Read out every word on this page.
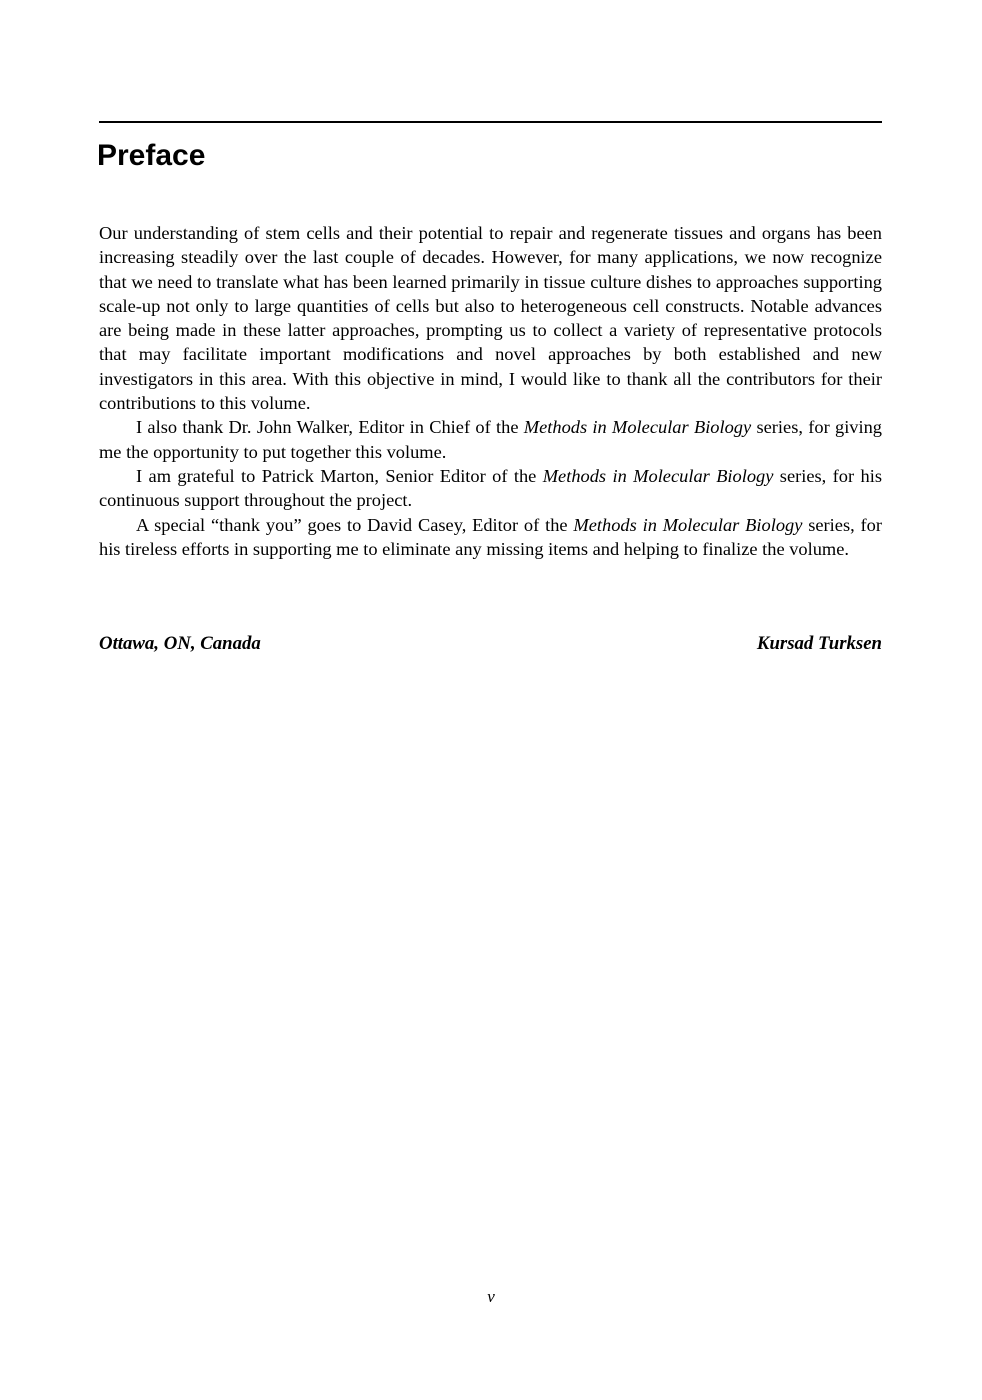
Preface

Our understanding of stem cells and their potential to repair and regenerate tissues and organs has been increasing steadily over the last couple of decades. However, for many applications, we now recognize that we need to translate what has been learned primarily in tissue culture dishes to approaches supporting scale-up not only to large quantities of cells but also to heterogeneous cell constructs. Notable advances are being made in these latter approaches, prompting us to collect a variety of representative protocols that may facilitate important modifications and novel approaches by both established and new investigators in this area. With this objective in mind, I would like to thank all the contributors for their contributions to this volume.

I also thank Dr. John Walker, Editor in Chief of the Methods in Molecular Biology series, for giving me the opportunity to put together this volume.

I am grateful to Patrick Marton, Senior Editor of the Methods in Molecular Biology series, for his continuous support throughout the project.

A special “thank you” goes to David Casey, Editor of the Methods in Molecular Biology series, for his tireless efforts in supporting me to eliminate any missing items and helping to finalize the volume.

Ottawa, ON, Canada	Kursad Turksen
v
